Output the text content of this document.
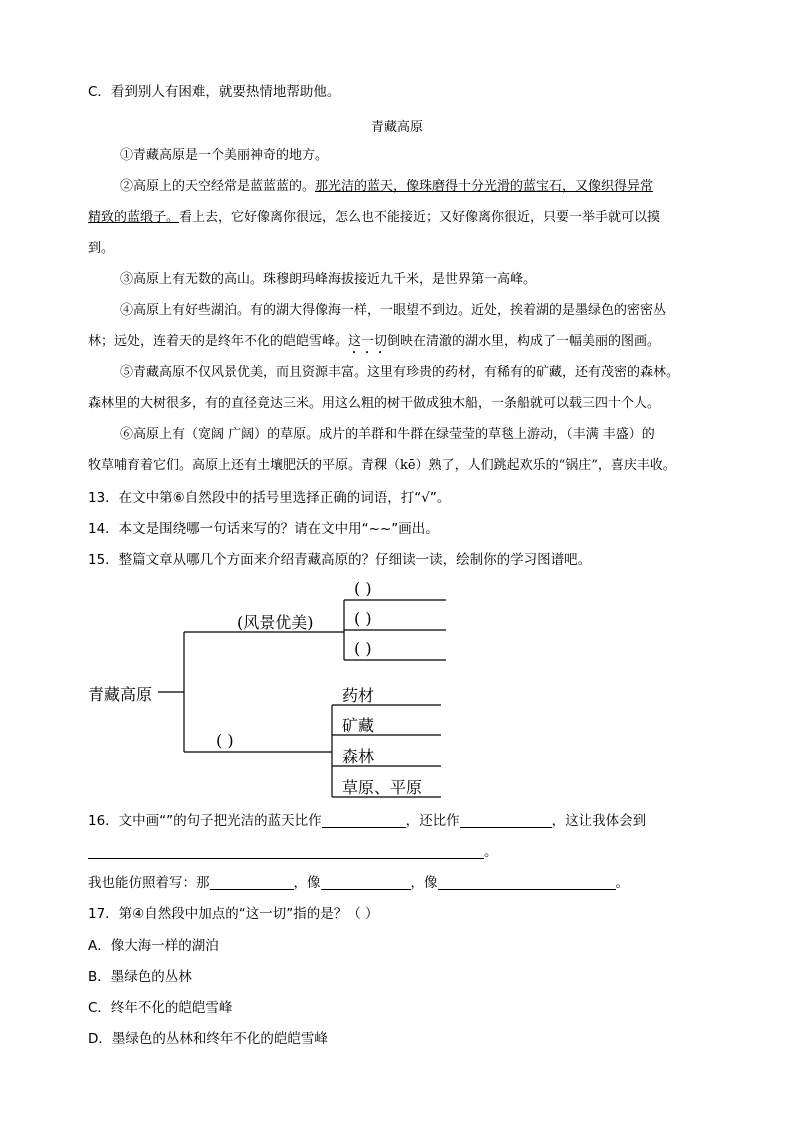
C．看到别人有困难，就要热情地帮助他。
青藏高原
①青藏高原是一个美丽神奇的地方。
②高原上的天空经常是蓝蓝蓝的。那光洁的蓝天，像珠磨得十分光滑的蓝宝石，又像织得异常
精致的蓝缎子。看上去，它好像离你很远，怎么也不能接近；又好像离你很近，只要一举手就可以摸
到。
③高原上有无数的高山。珠穆朗玛峰海拔接近九千米，是世界第一高峰。
④高原上有好些湖泊。有的湖大得像海一样，一眼望不到边。近处，挨着湖的是墨绿色的密密丛
林；远处，连着天的是终年不化的皑皑雪峰。这一切倒映在清澈的湖水里，构成了一幅美丽的图画。
⑤青藏高原不仅风景优美，而且资源丰富。这里有珍贵的药材，有稀有的矿藏，还有茂密的森林。
森林里的大树很多，有的直径竟达三米。用这么粗的树干做成独木船，一条船就可以载三四十个人。
⑥高原上有（宽阔 广阔）的草原。成片的羊群和牛群在绿莹莹的草毯上游动，（丰满 丰盛）的
牧草哺育着它们。高原上还有土壤肥沃的平原。青稞（kē）熟了，人们跳起欢乐的“锅庄”，喜庆丰收。
13．在文中第⑥自然段中的括号里选择正确的词语，打“√”。
14．本文是围绕哪一句话来写的？请在文中用“~~”画出。
15．整篇文章从哪几个方面来介绍青藏高原的？仔细读一读，绘制你的学习图谱吧。
青藏高原
(风景优美)
( )
( )
( )
( )
药材
矿藏
森林
草原、平原
16．文中画“”的句子把光洁的蓝天比作	，还比作	，这让我体会到
。
我也能仿照着写：那	，像	，像	。
17．第④自然段中加点的“这一切”指的是？（ ）
A．像大海一样的湖泊
B．墨绿色的丛林
C．终年不化的皑皑雪峰
D．墨绿色的丛林和终年不化的皑皑雪峰
